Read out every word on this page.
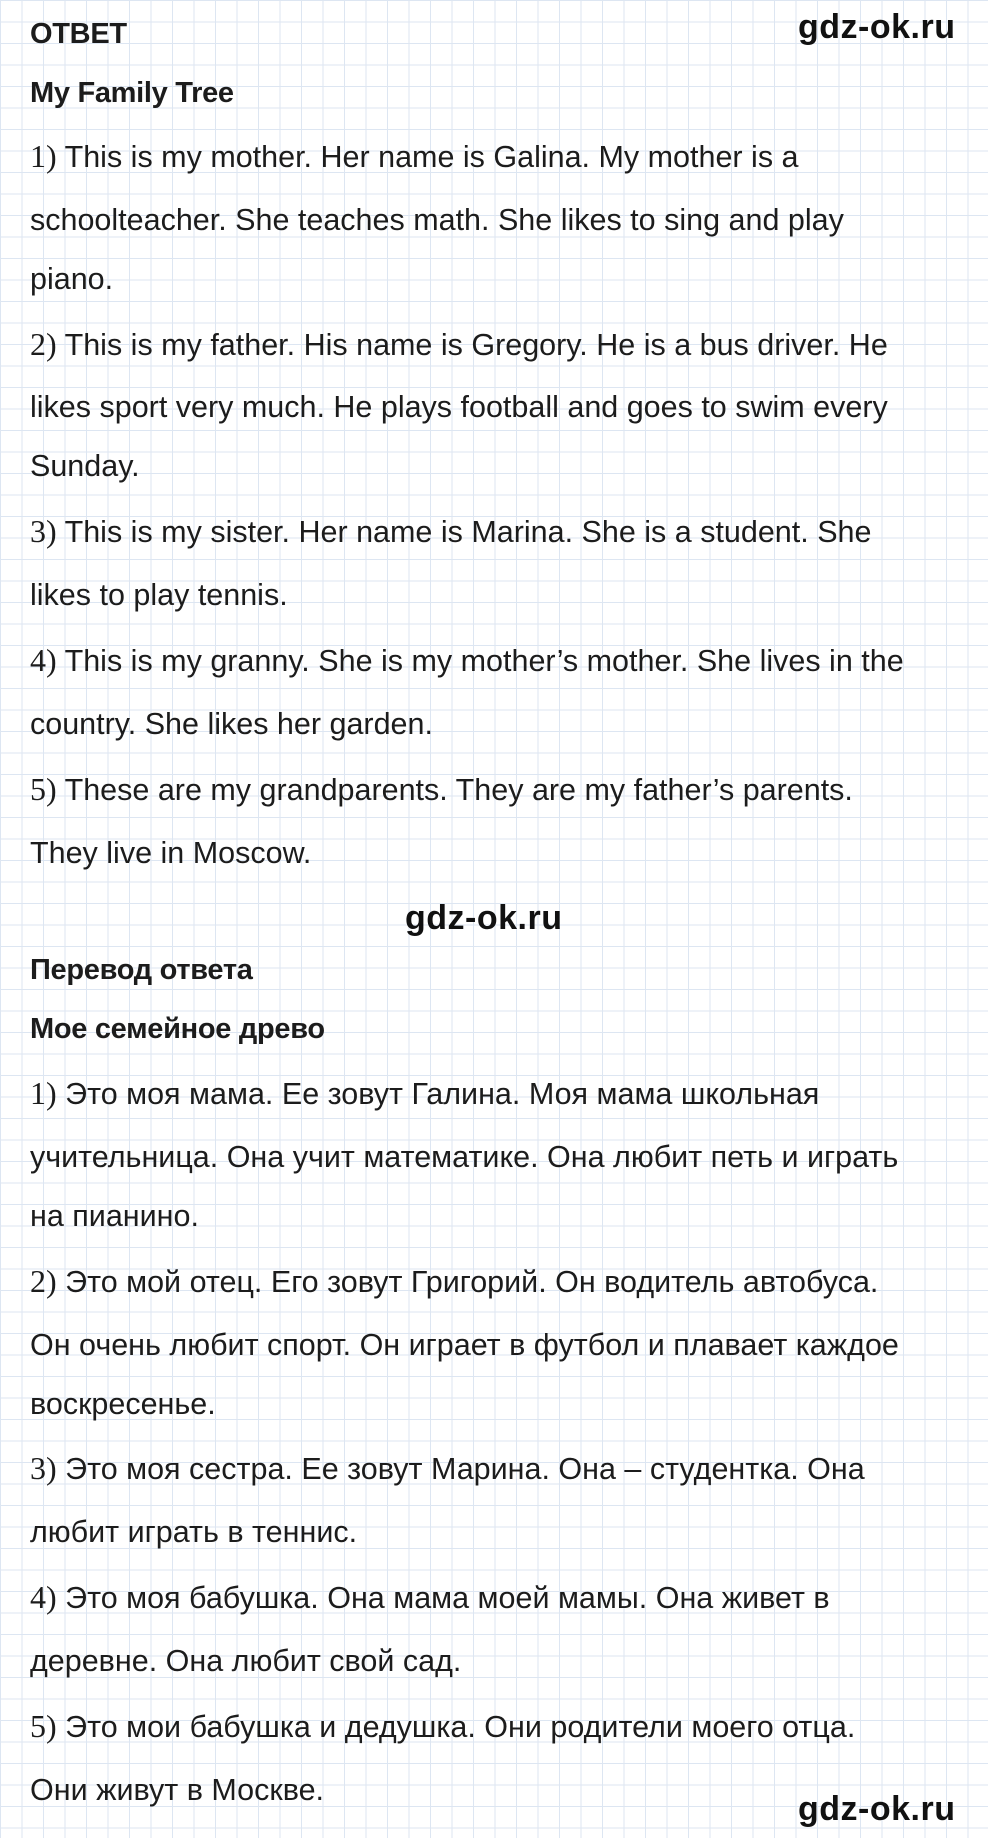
gdz-ok.ru
ОТВЕТ
My Family Tree

1) This is my mother. Her name is Galina. My mother is a

schoolteacher. She teaches math. She likes to sing and play

piano.

2) This is my father. His name is Gregory. He is a bus driver. He

likes sport very much. He plays football and goes to swim every

Sunday.

3) This is my sister. Her name is Marina. She is a student. She

likes to play tennis.

4) This is my granny. She is my mother’s mother. She lives in the

country. She likes her garden.

5) These are my grandparents. They are my father’s parents.

They live in Moscow.

gdz-ok.ru
Перевод ответа
Мое семейное древо

1) Это моя мама. Ее зовут Галина. Моя мама школьная

учительница. Она учит математике. Она любит петь и играть

на пианино.

2) Это мой отец. Его зовут Григорий. Он водитель автобуса.

Он очень любит спорт. Он играет в футбол и плавает каждое

воскресенье.

3) Это моя сестра. Ее зовут Марина. Она – студентка. Она

любит играть в теннис.

4) Это моя бабушка. Она мама моей мамы. Она живет в

деревне. Она любит свой сад.

5) Это мои бабушка и дедушка. Они родители моего отца.

Они живут в Москве.	gdz-ok.ru
